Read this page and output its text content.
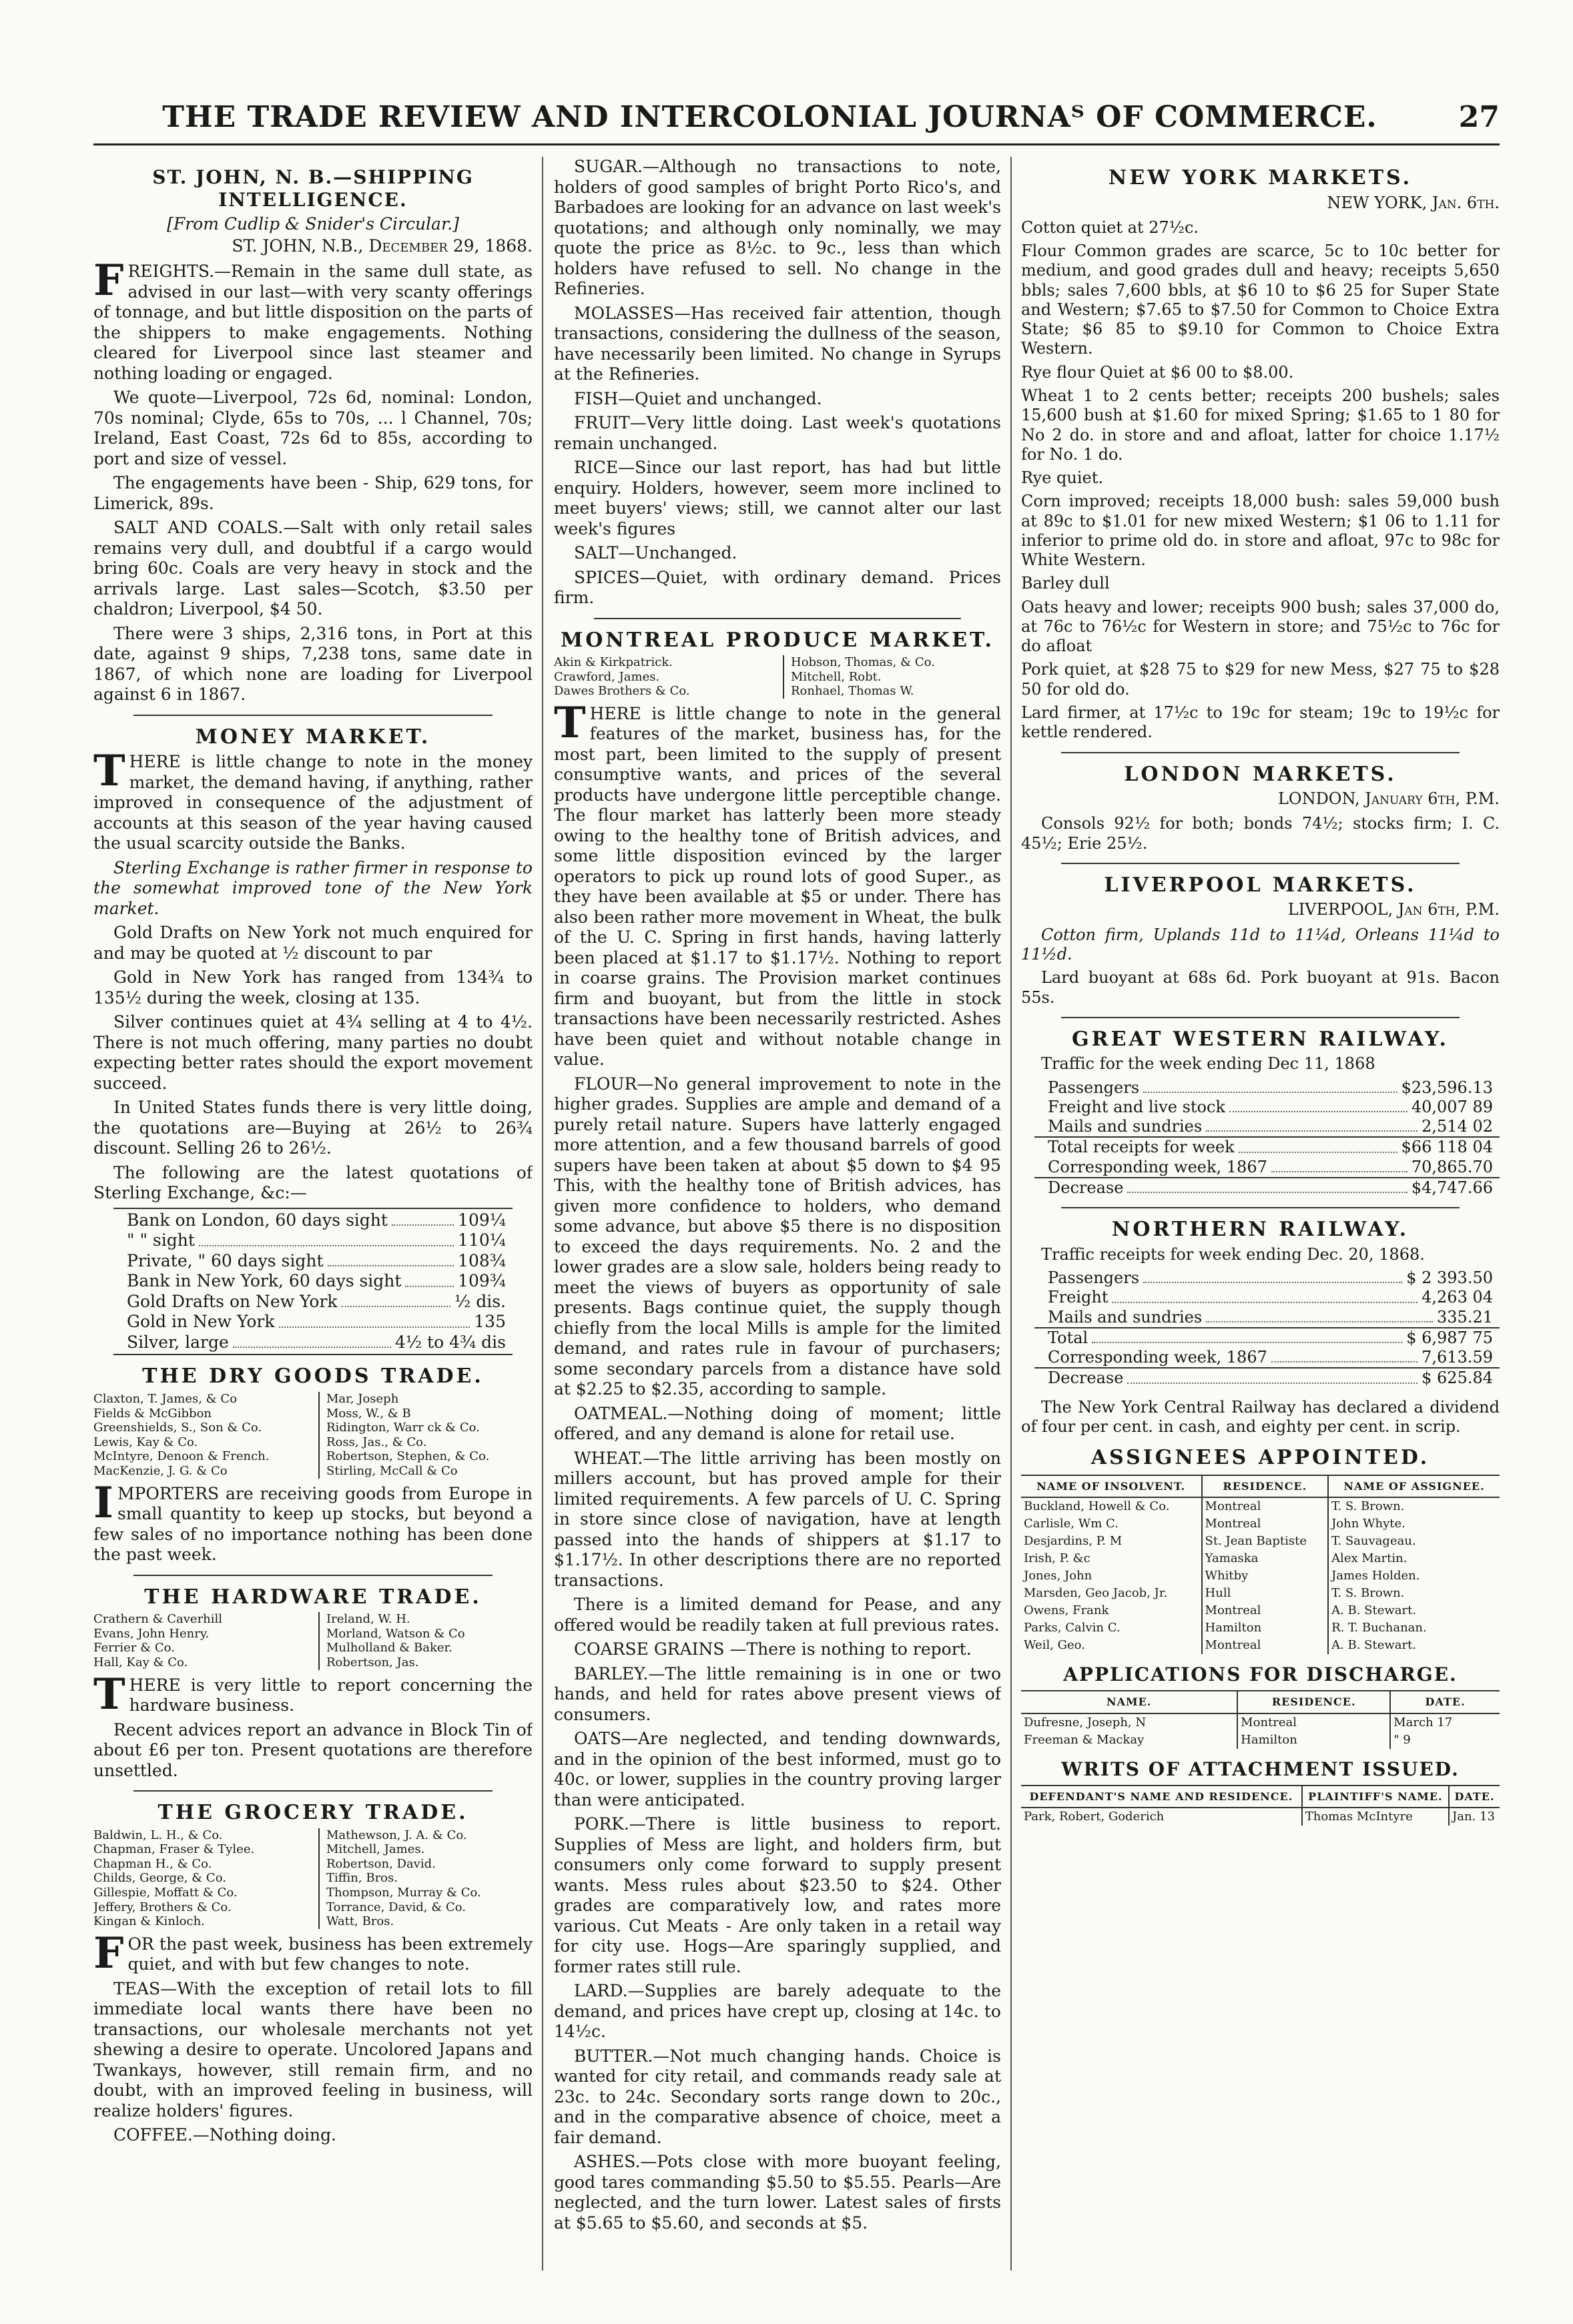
THE TRADE REVIEW AND INTERCOLONIAL JOURNAᵀ OF COMMERCE.	27
ST. JOHN, N. B.—SHIPPING INTELLIGENCE.
[From Cudlip & Snider's Circular.]
ST. JOHN, N.B., December 29, 1868.

FREIGHTS.—Remain in the same dull state, as advised in our last—with very scanty offerings of tonnage, and but little disposition on the parts of the shippers to make engagements. Nothing cleared for Liverpool since last steamer and nothing loading or engaged.

We quote—Liverpool, 72s 6d, nominal: London, 70s nominal; Clyde, 65s to 70s, ... l Channel, 70s; Ireland, East Coast, 72s 6d to 85s, according to port and size of vessel.

The engagements have been - Ship, 629 tons, for Limerick, 89s.

SALT AND COALS.—Salt with only retail sales remains very dull, and doubtful if a cargo would bring 60c. Coals are very heavy in stock and the arrivals large. Last sales—Scotch, $3.50 per chaldron; Liverpool, $4 50.

There were 3 ships, 2,316 tons, in Port at this date, against 9 ships, 7,238 tons, same date in 1867, of which none are loading for Liverpool against 6 in 1867.

MONEY MARKET.

THERE is little change to note in the money market, the demand having, if anything, rather improved in consequence of the adjustment of accounts at this season of the year having caused the usual scarcity outside the Banks.

Sterling Exchange is rather firmer in response to the somewhat improved tone of the New York market.

Gold Drafts on New York not much enquired for and may be quoted at ½ discount to par

Gold in New York has ranged from 134¾ to 135½ during the week, closing at 135.

Silver continues quiet at 4¾ selling at 4 to 4½. There is not much offering, many parties no doubt expecting better rates should the export movement succeed.

In United States funds there is very little doing, the quotations are—Buying at 26½ to 26¾ discount. Selling 26 to 26½.

The following are the latest quotations of Sterling Exchange, &c:—

Bank on London, 60 days sight	109¼
" " sight	110¼
Private, " 60 days sight	108¾
Bank in New York, 60 days sight	109¾
Gold Drafts on New York	½ dis.
Gold in New York	135
Silver, large	4½ to 4¾ dis
THE DRY GOODS TRADE.
Claxton, T. James, & Co
Fields & McGibbon
Greenshields, S., Son & Co.
Lewis, Kay & Co.
McIntyre, Denoon & French.
MacKenzie, J. G. & Co
Mar, Joseph
Moss, W., & B
Ridington, Warr ck & Co.
Ross, Jas., & Co.
Robertson, Stephen, & Co.
Stirling, McCall & Co

IMPORTERS are receiving goods from Europe in small quantity to keep up stocks, but beyond a few sales of no importance nothing has been done the past week.

THE HARDWARE TRADE.
Crathern & Caverhill
Evans, John Henry.
Ferrier & Co.
Hall, Kay & Co.
Ireland, W. H.
Morland, Watson & Co
Mulholland & Baker.
Robertson, Jas.

THERE is very little to report concerning the hardware business.

Recent advices report an advance in Block Tin of about £6 per ton. Present quotations are therefore unsettled.

THE GROCERY TRADE.
Baldwin, L. H., & Co.
Chapman, Fraser & Tylee.
Chapman H., & Co.
Childs, George, & Co.
Gillespie, Moffatt & Co.
Jeffery, Brothers & Co.
Kingan & Kinloch.
Mathewson, J. A. & Co.
Mitchell, James.
Robertson, David.
Tiffin, Bros.
Thompson, Murray & Co.
Torrance, David, & Co.
Watt, Bros.

FOR the past week, business has been extremely quiet, and with but few changes to note.

TEAS—With the exception of retail lots to fill immediate local wants there have been no transactions, our wholesale merchants not yet shewing a desire to operate. Uncolored Japans and Twankays, however, still remain firm, and no doubt, with an improved feeling in business, will realize holders' figures.

COFFEE.—Nothing doing.

SUGAR.—Although no transactions to note, holders of good samples of bright Porto Rico's, and Barbadoes are looking for an advance on last week's quotations; and although only nominally, we may quote the price as 8½c. to 9c., less than which holders have refused to sell. No change in the Refineries.

MOLASSES—Has received fair attention, though transactions, considering the dullness of the season, have necessarily been limited. No change in Syrups at the Refineries.

FISH—Quiet and unchanged.

FRUIT—Very little doing. Last week's quotations remain unchanged.

RICE—Since our last report, has had but little enquiry. Holders, however, seem more inclined to meet buyers' views; still, we cannot alter our last week's figures

SALT—Unchanged.

SPICES—Quiet, with ordinary demand. Prices firm.

MONTREAL PRODUCE MARKET.
Akin & Kirkpatrick.
Crawford, James.
Dawes Brothers & Co.
Hobson, Thomas, & Co.
Mitchell, Robt.
Ronhael, Thomas W.

THERE is little change to note in the general features of the market, business has, for the most part, been limited to the supply of present consumptive wants, and prices of the several products have undergone little perceptible change. The flour market has latterly been more steady owing to the healthy tone of British advices, and some little disposition evinced by the larger operators to pick up round lots of good Super., as they have been available at $5 or under. There has also been rather more movement in Wheat, the bulk of the U. C. Spring in first hands, having latterly been placed at $1.17 to $1.17½. Nothing to report in coarse grains. The Provision market continues firm and buoyant, but from the little in stock transactions have been necessarily restricted. Ashes have been quiet and without notable change in value.

FLOUR—No general improvement to note in the higher grades. Supplies are ample and demand of a purely retail nature. Supers have latterly engaged more attention, and a few thousand barrels of good supers have been taken at about $5 down to $4 95 This, with the healthy tone of British advices, has given more confidence to holders, who demand some advance, but above $5 there is no disposition to exceed the days requirements. No. 2 and the lower grades are a slow sale, holders being ready to meet the views of buyers as opportunity of sale presents. Bags continue quiet, the supply though chiefly from the local Mills is ample for the limited demand, and rates rule in favour of purchasers; some secondary parcels from a distance have sold at $2.25 to $2.35, according to sample.

OATMEAL.—Nothing doing of moment; little offered, and any demand is alone for retail use.

WHEAT.—The little arriving has been mostly on millers account, but has proved ample for their limited requirements. A few parcels of U. C. Spring in store since close of navigation, have at length passed into the hands of shippers at $1.17 to $1.17½. In other descriptions there are no reported transactions.

There is a limited demand for Pease, and any offered would be readily taken at full previous rates.

COARSE GRAINS —There is nothing to report.

BARLEY.—The little remaining is in one or two hands, and held for rates above present views of consumers.

OATS—Are neglected, and tending downwards, and in the opinion of the best informed, must go to 40c. or lower, supplies in the country proving larger than were anticipated.

PORK.—There is little business to report. Supplies of Mess are light, and holders firm, but consumers only come forward to supply present wants. Mess rules about $23.50 to $24. Other grades are comparatively low, and rates more various. Cut Meats - Are only taken in a retail way for city use. Hogs—Are sparingly supplied, and former rates still rule.

LARD.—Supplies are barely adequate to the demand, and prices have crept up, closing at 14c. to 14½c.

BUTTER.—Not much changing hands. Choice is wanted for city retail, and commands ready sale at 23c. to 24c. Secondary sorts range down to 20c., and in the comparative absence of choice, meet a fair demand.

ASHES.—Pots close with more buoyant feeling, good tares commanding $5.50 to $5.55. Pearls—Are neglected, and the turn lower. Latest sales of firsts at $5.65 to $5.60, and seconds at $5.

NEW YORK MARKETS.
NEW YORK, Jan. 6th.

Cotton quiet at 27½c.

Flour Common grades are scarce, 5c to 10c better for medium, and good grades dull and heavy; receipts 5,650 bbls; sales 7,600 bbls, at $6 10 to $6 25 for Super State and Western; $7.65 to $7.50 for Common to Choice Extra State; $6 85 to $9.10 for Common to Choice Extra Western.

Rye flour Quiet at $6 00 to $8.00.

Wheat 1 to 2 cents better; receipts 200 bushels; sales 15,600 bush at $1.60 for mixed Spring; $1.65 to 1 80 for No 2 do. in store and and afloat, latter for choice 1.17½ for No. 1 do.

Rye quiet.

Corn improved; receipts 18,000 bush: sales 59,000 bush at 89c to $1.01 for new mixed Western; $1 06 to 1.11 for inferior to prime old do. in store and afloat, 97c to 98c for White Western.

Barley dull

Oats heavy and lower; receipts 900 bush; sales 37,000 do, at 76c to 76½c for Western in store; and 75½c to 76c for do afloat

Pork quiet, at $28 75 to $29 for new Mess, $27 75 to $28 50 for old do.

Lard firmer, at 17½c to 19c for steam; 19c to 19½c for kettle rendered.

LONDON MARKETS.
LONDON, January 6th, P.M.

Consols 92½ for both; bonds 74½; stocks firm; I. C. 45½; Erie 25½.

LIVERPOOL MARKETS.
LIVERPOOL, Jan 6th, P.M.

Cotton firm, Uplands 11d to 11¼d, Orleans 11¼d to 11½d.

Lard buoyant at 68s 6d. Pork buoyant at 91s. Bacon 55s.

GREAT WESTERN RAILWAY.

Traffic for the week ending Dec 11, 1868

Passengers	$23,596.13
Freight and live stock	40,007 89
Mails and sundries	2,514 02
Total receipts for week	$66 118 04
Corresponding week, 1867	70,865.70
Decrease	$4,747.66
NORTHERN RAILWAY.

Traffic receipts for week ending Dec. 20, 1868.

Passengers	$ 2 393.50
Freight	4,263 04
Mails and sundries	335.21
Total	$ 6,987 75
Corresponding week, 1867	7,613.59
Decrease	$ 625.84

The New York Central Railway has declared a dividend of four per cent. in cash, and eighty per cent. in scrip.

ASSIGNEES APPOINTED.
NAME OF INSOLVENT.	RESIDENCE.	NAME OF ASSIGNEE.
Buckland, Howell & Co.	Montreal	T. S. Brown.
Carlisle, Wm C.	Montreal	John Whyte.
Desjardins, P. M	St. Jean Baptiste	T. Sauvageau.
Irish, P. &c	Yamaska	Alex Martin.
Jones, John	Whitby	James Holden.
Marsden, Geo Jacob, Jr.	Hull	T. S. Brown.
Owens, Frank	Montreal	A. B. Stewart.
Parks, Calvin C.	Hamilton	R. T. Buchanan.
Weil, Geo.	Montreal	A. B. Stewart.
APPLICATIONS FOR DISCHARGE.
NAME.	RESIDENCE.	DATE.
Dufresne, Joseph, N	Montreal	March 17
Freeman & Mackay	Hamilton	" 9
WRITS OF ATTACHMENT ISSUED.
DEFENDANT'S NAME AND RESIDENCE.	PLAINTIFF'S NAME.	DATE.
Park, Robert, Goderich	Thomas McIntyre	Jan. 13
